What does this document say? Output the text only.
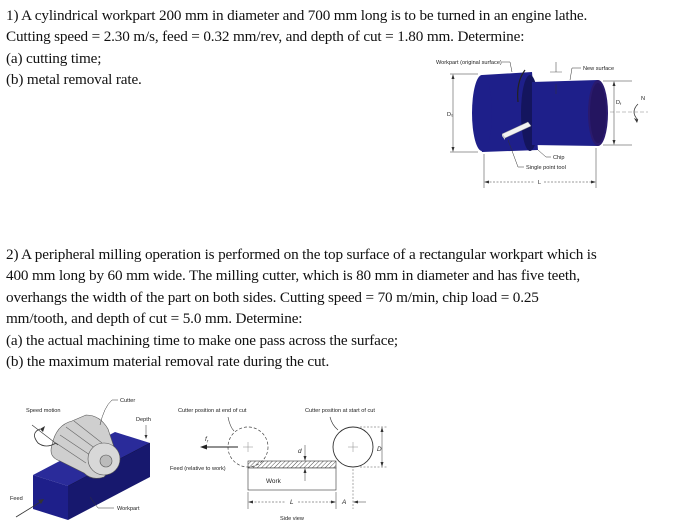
1) A cylindrical workpart 200 mm in diameter and 700 mm long is to be turned in an engine lathe.
Cutting speed = 2.30 m/s, feed = 0.32 mm/rev, and depth of cut = 1.80 mm. Determine:
(a) cutting time;
(b) metal removal rate.
D₀
Df
N
Workpart (original surface)
New surface
Chip
Single point tool
L
2) A peripheral milling operation is performed on the top surface of a rectangular workpart which is
400 mm long by 60 mm wide. The milling cutter, which is 80 mm in diameter and has five teeth,
overhangs the width of the part on both sides. Cutting speed = 70 m/min, chip load = 0.25
mm/tooth, and depth of cut = 5.0 mm. Determine:
(a) the actual machining time to make one pass across the surface;
(b) the maximum material removal rate during the cut.
Speed motion
Cutter
Depth
Feed
Workpart
Cutter position at end of cut	Cutter position at start of cut
$f_r$
D
Work
d
Feed (relative to work)
L	A
Side view
